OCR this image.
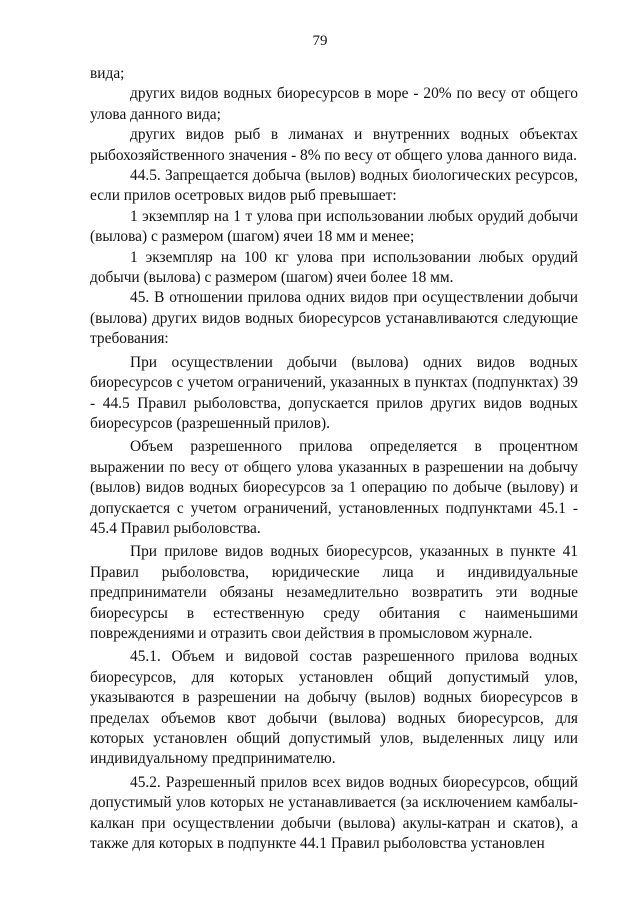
79

вида;

других видов водных биоресурсов в море - 20% по весу от общего улова данного вида;

других видов рыб в лиманах и внутренних водных объектах рыбохозяйственного значения - 8% по весу от общего улова данного вида.

44.5. Запрещается добыча (вылов) водных биологических ресурсов, если прилов осетровых видов рыб превышает:

1 экземпляр на 1 т улова при использовании любых орудий добычи (вылова) с размером (шагом) ячеи 18 мм и менее;

1 экземпляр на 100 кг улова при использовании любых орудий добычи (вылова) с размером (шагом) ячеи более 18 мм.

45. В отношении прилова одних видов при осуществлении добычи (вылова) других видов водных биоресурсов устанавливаются следующие требования:

При осуществлении добычи (вылова) одних видов водных биоресурсов с учетом ограничений, указанных в пунктах (подпунктах) 39 - 44.5 Правил рыболовства, допускается прилов других видов водных биоресурсов (разрешенный прилов).

Объем разрешенного прилова определяется в процентном выражении по весу от общего улова указанных в разрешении на добычу (вылов) видов водных биоресурсов за 1 операцию по добыче (вылову) и допускается с учетом ограничений, установленных подпунктами 45.1 - 45.4 Правил рыболовства.

При прилове видов водных биоресурсов, указанных в пункте 41 Правил рыболовства, юридические лица и индивидуальные предприниматели обязаны незамедлительно возвратить эти водные биоресурсы в естественную среду обитания с наименьшими повреждениями и отразить свои действия в промысловом журнале.

45.1. Объем и видовой состав разрешенного прилова водных биоресурсов, для которых установлен общий допустимый улов, указываются в разрешении на добычу (вылов) водных биоресурсов в пределах объемов квот добычи (вылова) водных биоресурсов, для которых установлен общий допустимый улов, выделенных лицу или индивидуальному предпринимателю.

45.2. Разрешенный прилов всех видов водных биоресурсов, общий допустимый улов которых не устанавливается (за исключением камбалы-калкан при осуществлении добычи (вылова) акулы-катран и скатов), а также для которых в подпункте 44.1 Правил рыболовства установлен
